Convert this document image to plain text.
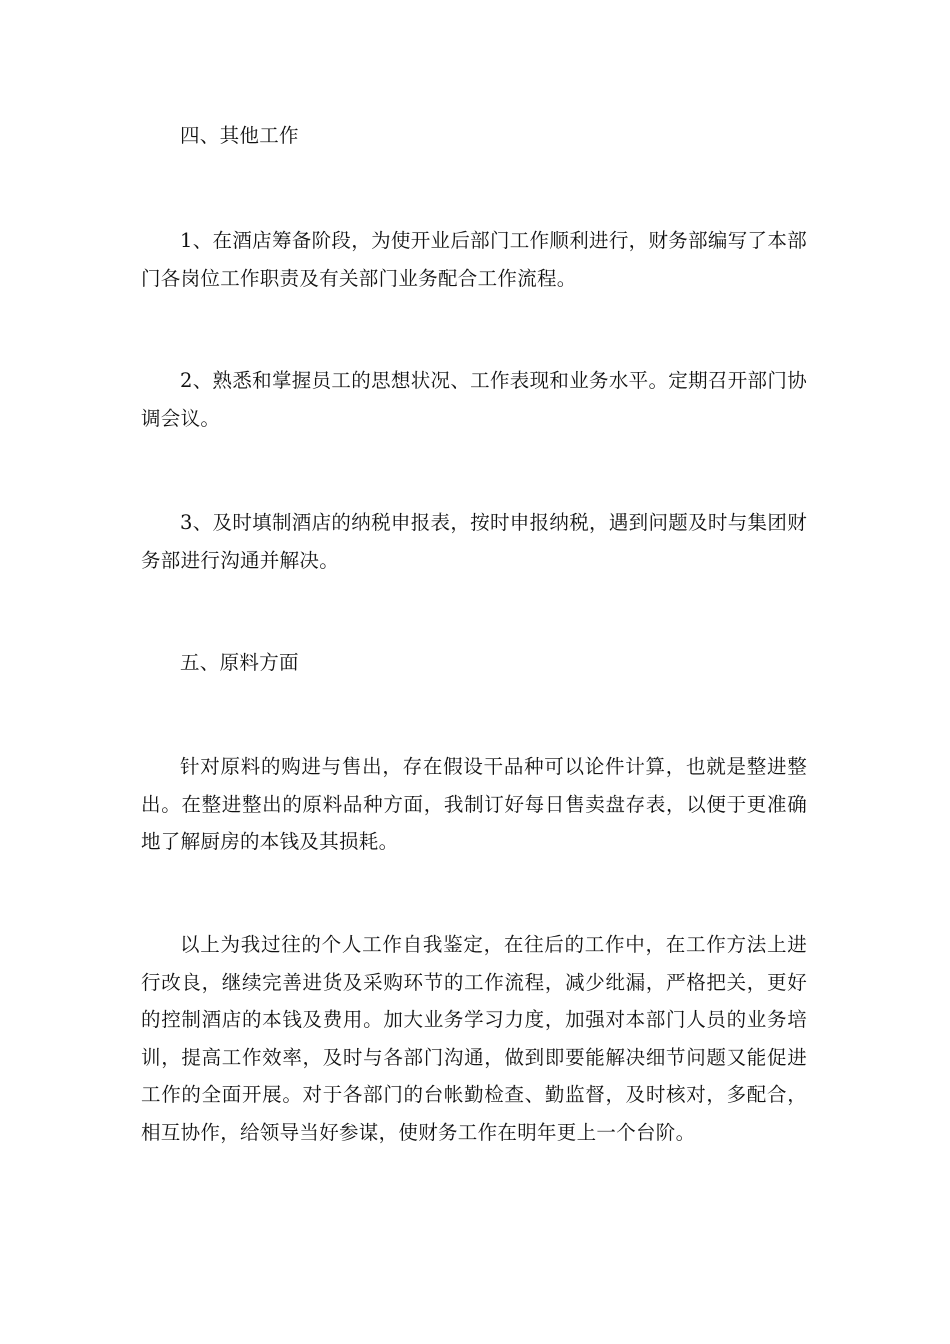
四、其他工作

1、在酒店筹备阶段，为使开业后部门工作顺利进行，财务部编写了本部门各岗位工作职责及有关部门业务配合工作流程。

2、熟悉和掌握员工的思想状况、工作表现和业务水平。定期召开部门协调会议。

3、及时填制酒店的纳税申报表，按时申报纳税，遇到问题及时与集团财务部进行沟通并解决。

五、原料方面

针对原料的购进与售出，存在假设干品种可以论件计算，也就是整进整出。在整进整出的原料品种方面，我制订好每日售卖盘存表，以便于更准确地了解厨房的本钱及其损耗。

以上为我过往的个人工作自我鉴定，在往后的工作中，在工作方法上进行改良，继续完善进货及采购环节的工作流程，减少纰漏，严格把关，更好的控制酒店的本钱及费用。加大业务学习力度，加强对本部门人员的业务培训，提高工作效率，及时与各部门沟通，做到即要能解决细节问题又能促进工作的全面开展。对于各部门的台帐勤检查、勤监督，及时核对，多配合，相互协作，给领导当好参谋，使财务工作在明年更上一个台阶。
